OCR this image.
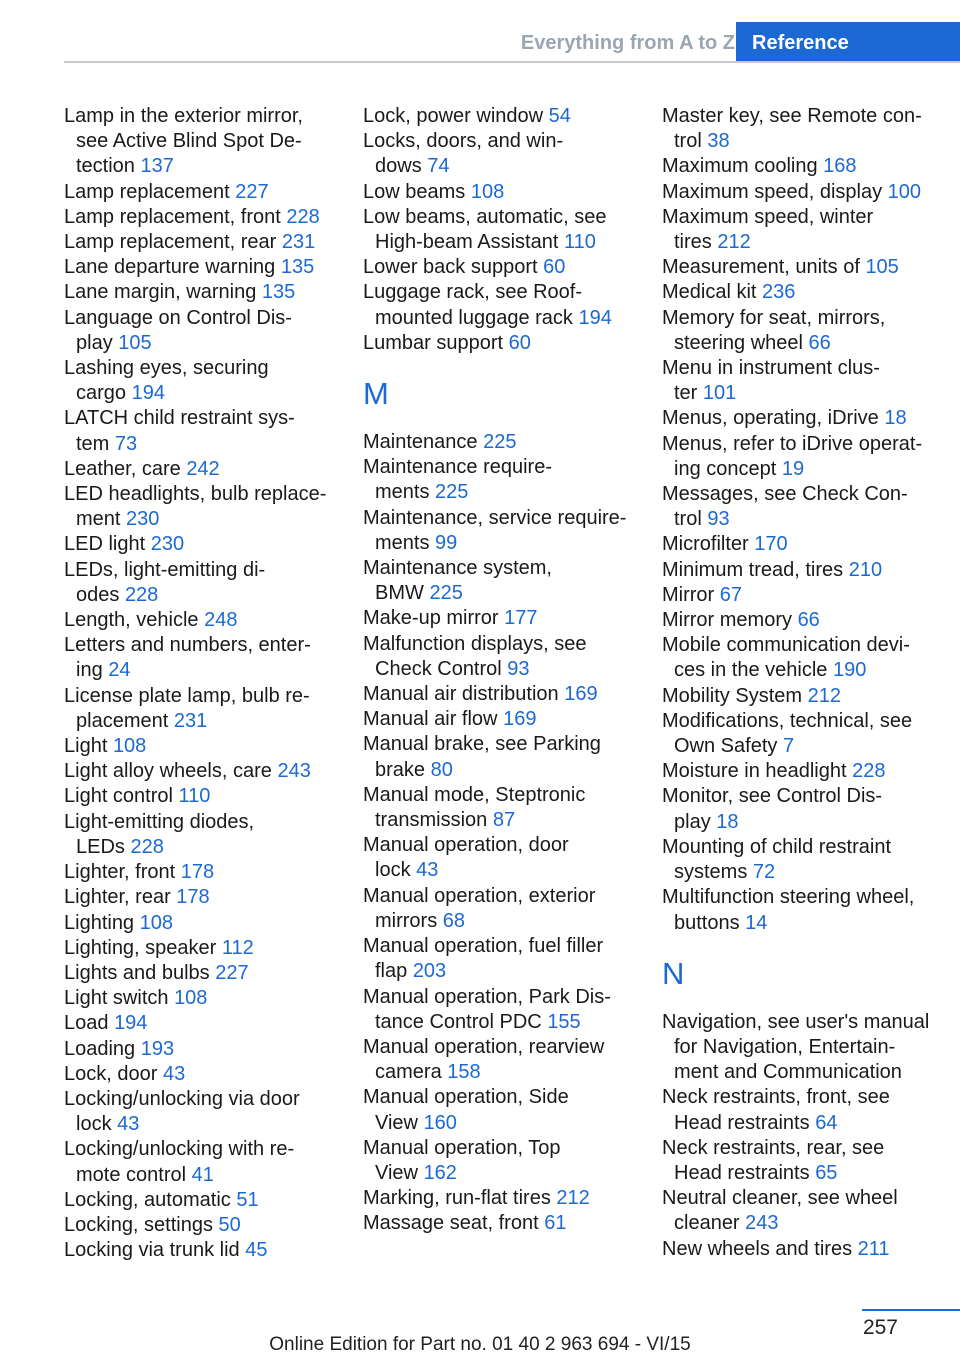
Everything from A to Z Reference
Lamp in the exterior mirror,
see Active Blind Spot De‐
tection 137
Lamp replacement 227
Lamp replacement, front 228
Lamp replacement, rear 231
Lane departure warning 135
Lane margin, warning 135
Language on Control Dis‐
play 105
Lashing eyes, securing
cargo 194
LATCH child restraint sys‐
tem 73
Leather, care 242
LED headlights, bulb replace‐
ment 230
LED light 230
LEDs, light-emitting di‐
odes 228
Length, vehicle 248
Letters and numbers, enter‐
ing 24
License plate lamp, bulb re‐
placement 231
Light 108
Light alloy wheels, care 243
Light control 110
Light-emitting diodes,
LEDs 228
Lighter, front 178
Lighter, rear 178
Lighting 108
Lighting, speaker 112
Lights and bulbs 227
Light switch 108
Load 194
Loading 193
Lock, door 43
Locking/unlocking via door
lock 43
Locking/unlocking with re‐
mote control 41
Locking, automatic 51
Locking, settings 50
Locking via trunk lid 45
Lock, power window 54
Locks, doors, and win‐
dows 74
Low beams 108
Low beams, automatic, see
High-beam Assistant 110
Lower back support 60
Luggage rack, see Roof-
mounted luggage rack 194
Lumbar support 60
M
Maintenance 225
Maintenance require‐
ments 225
Maintenance, service require‐
ments 99
Maintenance system,
BMW 225
Make-up mirror 177
Malfunction displays, see
Check Control 93
Manual air distribution 169
Manual air flow 169
Manual brake, see Parking
brake 80
Manual mode, Steptronic
transmission 87
Manual operation, door
lock 43
Manual operation, exterior
mirrors 68
Manual operation, fuel filler
flap 203
Manual operation, Park Dis‐
tance Control PDC 155
Manual operation, rearview
camera 158
Manual operation, Side
View 160
Manual operation, Top
View 162
Marking, run-flat tires 212
Massage seat, front 61
Master key, see Remote con‐
trol 38
Maximum cooling 168
Maximum speed, display 100
Maximum speed, winter
tires 212
Measurement, units of 105
Medical kit 236
Memory for seat, mirrors,
steering wheel 66
Menu in instrument clus‐
ter 101
Menus, operating, iDrive 18
Menus, refer to iDrive operat‐
ing concept 19
Messages, see Check Con‐
trol 93
Microfilter 170
Minimum tread, tires 210
Mirror 67
Mirror memory 66
Mobile communication devi‐
ces in the vehicle 190
Mobility System 212
Modifications, technical, see
Own Safety 7
Moisture in headlight 228
Monitor, see Control Dis‐
play 18
Mounting of child restraint
systems 72
Multifunction steering wheel,
buttons 14
N
Navigation, see user's manual
for Navigation, Entertain‐
ment and Communication
Neck restraints, front, see
Head restraints 64
Neck restraints, rear, see
Head restraints 65
Neutral cleaner, see wheel
cleaner 243
New wheels and tires 211
257
Online Edition for Part no. 01 40 2 963 694 - VI/15
